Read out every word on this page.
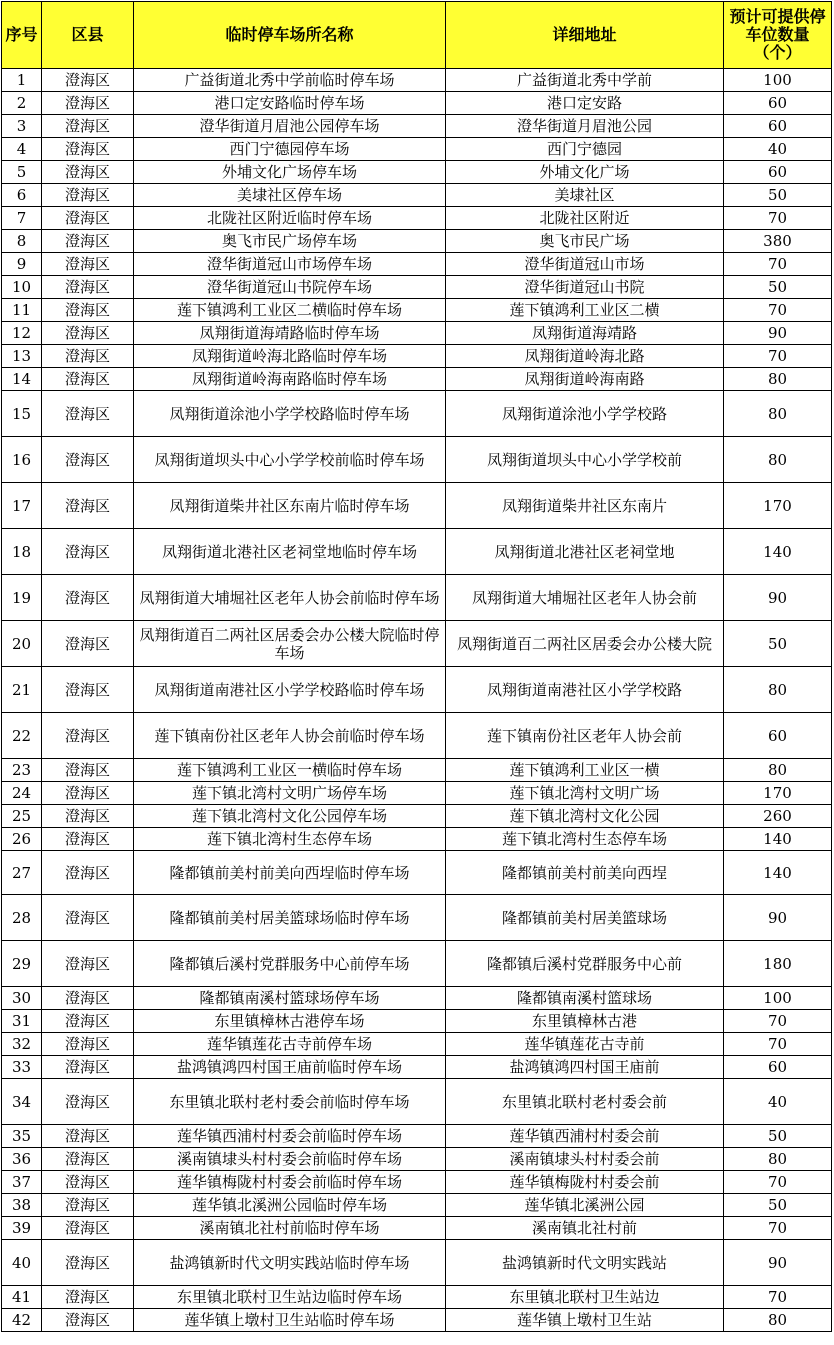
序号	区县	临时停车场所名称	详细地址	预计可提供停车位数量（个）
1	澄海区	广益街道北秀中学前临时停车场	广益街道北秀中学前	100
2	澄海区	港口定安路临时停车场	港口定安路	60
3	澄海区	澄华街道月眉池公园停车场	澄华街道月眉池公园	60
4	澄海区	西门宁德园停车场	西门宁德园	40
5	澄海区	外埔文化广场停车场	外埔文化广场	60
6	澄海区	美埭社区停车场	美埭社区	50
7	澄海区	北陇社区附近临时停车场	北陇社区附近	70
8	澄海区	奥飞市民广场停车场	奥飞市民广场	380
9	澄海区	澄华街道冠山市场停车场	澄华街道冠山市场	70
10	澄海区	澄华街道冠山书院停车场	澄华街道冠山书院	50
11	澄海区	莲下镇鸿利工业区二横临时停车场	莲下镇鸿利工业区二横	70
12	澄海区	凤翔街道海靖路临时停车场	凤翔街道海靖路	90
13	澄海区	凤翔街道岭海北路临时停车场	凤翔街道岭海北路	70
14	澄海区	凤翔街道岭海南路临时停车场	凤翔街道岭海南路	80
15	澄海区	凤翔街道涂池小学学校路临时停车场	凤翔街道涂池小学学校路	80
16	澄海区	凤翔街道坝头中心小学学校前临时停车场	凤翔街道坝头中心小学学校前	80
17	澄海区	凤翔街道柴井社区东南片临时停车场	凤翔街道柴井社区东南片	170
18	澄海区	凤翔街道北港社区老祠堂地临时停车场	凤翔街道北港社区老祠堂地	140
19	澄海区	凤翔街道大埔堀社区老年人协会前临时停车场	凤翔街道大埔堀社区老年人协会前	90
20	澄海区	凤翔街道百二两社区居委会办公楼大院临时停车场	凤翔街道百二两社区居委会办公楼大院	50
21	澄海区	凤翔街道南港社区小学学校路临时停车场	凤翔街道南港社区小学学校路	80
22	澄海区	莲下镇南份社区老年人协会前临时停车场	莲下镇南份社区老年人协会前	60
23	澄海区	莲下镇鸿利工业区一横临时停车场	莲下镇鸿利工业区一横	80
24	澄海区	莲下镇北湾村文明广场停车场	莲下镇北湾村文明广场	170
25	澄海区	莲下镇北湾村文化公园停车场	莲下镇北湾村文化公园	260
26	澄海区	莲下镇北湾村生态停车场	莲下镇北湾村生态停车场	140
27	澄海区	隆都镇前美村前美向西埕临时停车场	隆都镇前美村前美向西埕	140
28	澄海区	隆都镇前美村居美篮球场临时停车场	隆都镇前美村居美篮球场	90
29	澄海区	隆都镇后溪村党群服务中心前停车场	隆都镇后溪村党群服务中心前	180
30	澄海区	隆都镇南溪村篮球场停车场	隆都镇南溪村篮球场	100
31	澄海区	东里镇樟林古港停车场	东里镇樟林古港	70
32	澄海区	莲华镇莲花古寺前停车场	莲华镇莲花古寺前	70
33	澄海区	盐鸿镇鸿四村国王庙前临时停车场	盐鸿镇鸿四村国王庙前	60
34	澄海区	东里镇北联村老村委会前临时停车场	东里镇北联村老村委会前	40
35	澄海区	莲华镇西浦村村委会前临时停车场	莲华镇西浦村村委会前	50
36	澄海区	溪南镇埭头村村委会前临时停车场	溪南镇埭头村村委会前	80
37	澄海区	莲华镇梅陇村村委会前临时停车场	莲华镇梅陇村村委会前	70
38	澄海区	莲华镇北溪洲公园临时停车场	莲华镇北溪洲公园	50
39	澄海区	溪南镇北社村前临时停车场	溪南镇北社村前	70
40	澄海区	盐鸿镇新时代文明实践站临时停车场	盐鸿镇新时代文明实践站	90
41	澄海区	东里镇北联村卫生站边临时停车场	东里镇北联村卫生站边	70
42	澄海区	莲华镇上墩村卫生站临时停车场	莲华镇上墩村卫生站	80
